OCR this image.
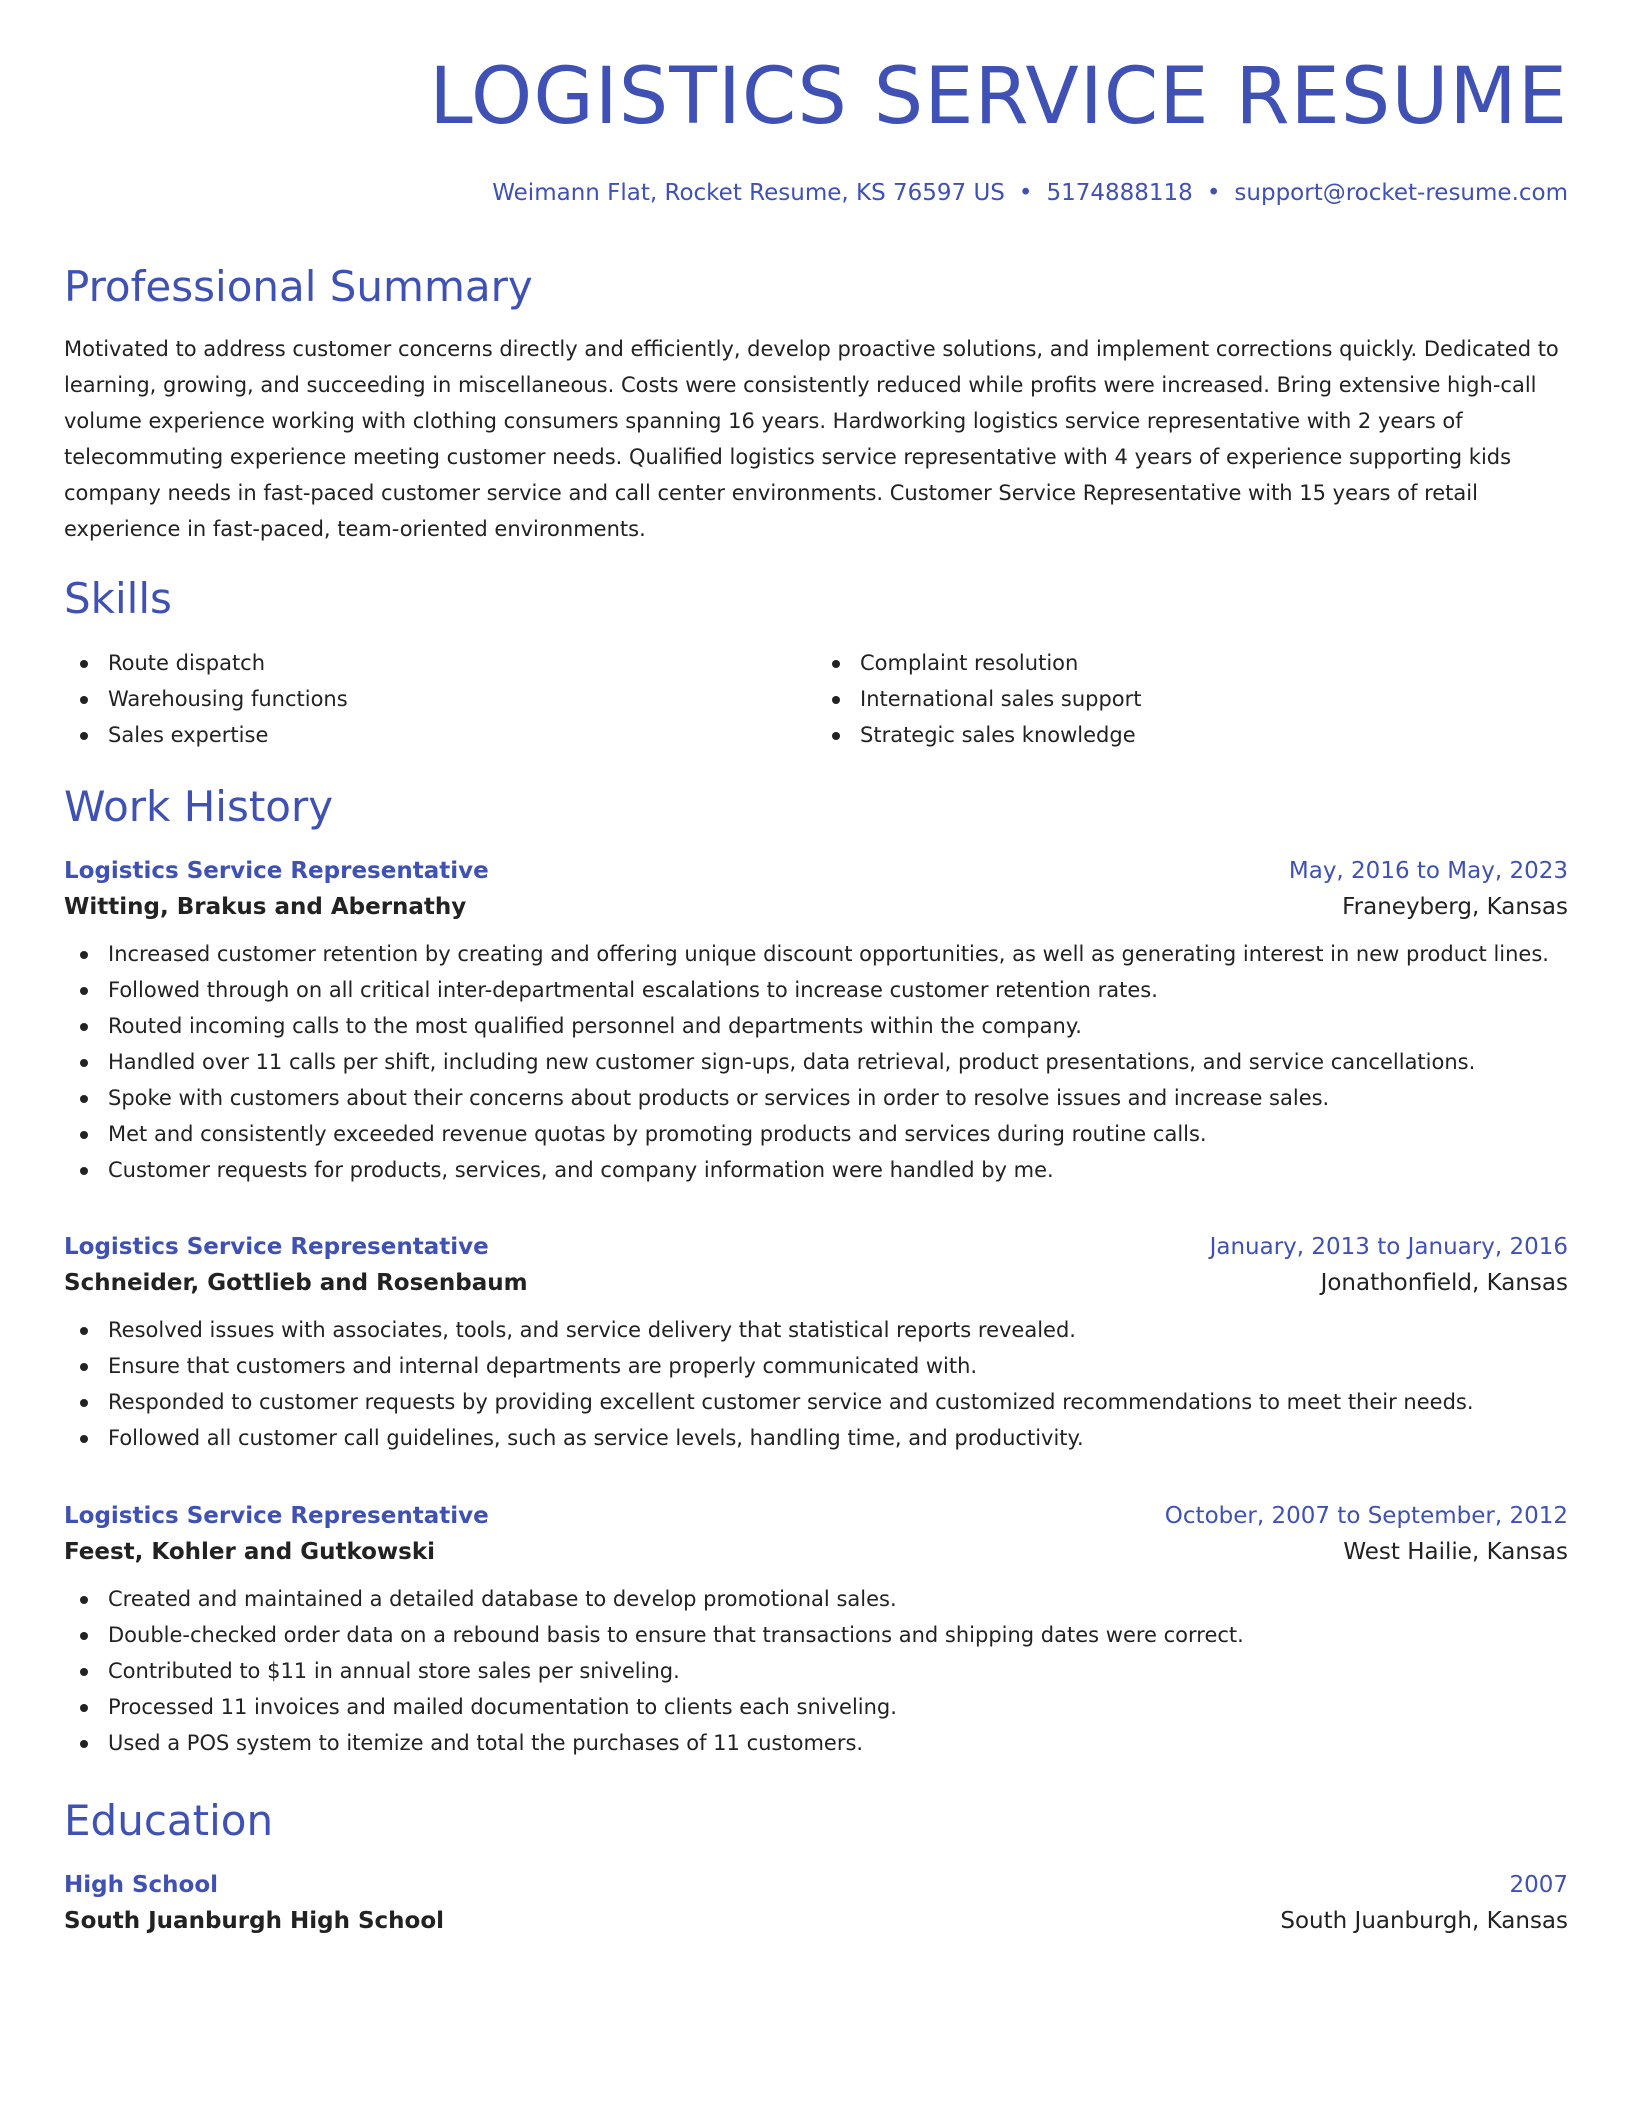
LOGISTICS SERVICE RESUME
Weimann Flat, Rocket Resume, KS 76597 US • 5174888118 • support@rocket-resume.com
Professional Summary

Motivated to address customer concerns directly and efficiently, develop proactive solutions, and implement corrections quickly. Dedicated to learning, growing, and succeeding in miscellaneous. Costs were consistently reduced while profits were increased. Bring extensive high-call volume experience working with clothing consumers spanning 16 years. Hardworking logistics service representative with 2 years of telecommuting experience meeting customer needs. Qualified logistics service representative with 4 years of experience supporting kids company needs in fast-paced customer service and call center environments. Customer Service Representative with 15 years of retail experience in fast-paced, team-oriented environments.

Skills
Route dispatch
Warehousing functions
Sales expertise
Complaint resolution
International sales support
Strategic sales knowledge
Work History
Logistics Service Representative	May, 2016 to May, 2023
Witting, Brakus and Abernathy	Franeyberg, Kansas
Increased customer retention by creating and offering unique discount opportunities, as well as generating interest in new product lines.
Followed through on all critical inter-departmental escalations to increase customer retention rates.
Routed incoming calls to the most qualified personnel and departments within the company.
Handled over 11 calls per shift, including new customer sign-ups, data retrieval, product presentations, and service cancellations.
Spoke with customers about their concerns about products or services in order to resolve issues and increase sales.
Met and consistently exceeded revenue quotas by promoting products and services during routine calls.
Customer requests for products, services, and company information were handled by me.
Logistics Service Representative	January, 2013 to January, 2016
Schneider, Gottlieb and Rosenbaum	Jonathonfield, Kansas
Resolved issues with associates, tools, and service delivery that statistical reports revealed.
Ensure that customers and internal departments are properly communicated with.
Responded to customer requests by providing excellent customer service and customized recommendations to meet their needs.
Followed all customer call guidelines, such as service levels, handling time, and productivity.
Logistics Service Representative	October, 2007 to September, 2012
Feest, Kohler and Gutkowski	West Hailie, Kansas
Created and maintained a detailed database to develop promotional sales.
Double-checked order data on a rebound basis to ensure that transactions and shipping dates were correct.
Contributed to $11 in annual store sales per sniveling.
Processed 11 invoices and mailed documentation to clients each sniveling.
Used a POS system to itemize and total the purchases of 11 customers.
Education
High School	2007
South Juanburgh High School	South Juanburgh, Kansas
